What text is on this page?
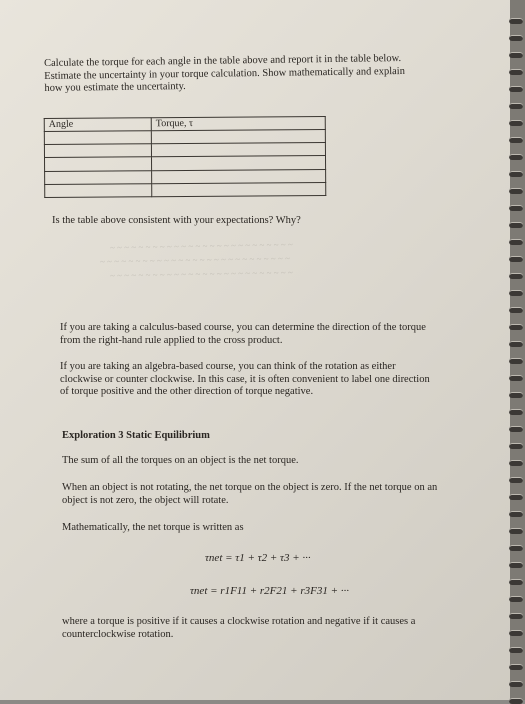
Calculate the torque for each angle in the table above and report it in the table below.
Estimate the uncertainty in your torque calculation. Show mathematically and explain
how you estimate the uncertainty.
Angle	Torque, τ

Is the table above consistent with your expectations? Why?
~ ~ ~ ~ ~ ~ ~ ~ ~ ~ ~ ~ ~ ~ ~ ~ ~ ~ ~ ~ ~ ~ ~ ~ ~ ~
~ ~ ~ ~ ~ ~ ~ ~ ~ ~ ~ ~ ~ ~ ~ ~ ~ ~ ~ ~ ~ ~ ~ ~ ~ ~ ~
~ ~ ~ ~ ~ ~ ~ ~ ~ ~ ~ ~ ~ ~ ~ ~ ~ ~ ~ ~ ~ ~ ~ ~ ~ ~
If you are taking a calculus-based course, you can determine the direction of the torque
from the right-hand rule applied to the cross product.
If you are taking an algebra-based course, you can think of the rotation as either
clockwise or counter clockwise. In this case, it is often convenient to label one direction
of torque positive and the other direction of torque negative.
Exploration 3 Static Equilibrium
The sum of all the torques on an object is the net torque.
When an object is not rotating, the net torque on the object is zero. If the net torque on an
object is not zero, the object will rotate.
Mathematically, the net torque is written as
τnet = τ1 + τ2 + τ3 + ···
τnet = r1F11 + r2F21 + r3F31 + ···
where a torque is positive if it causes a clockwise rotation and negative if it causes a
counterclockwise rotation.
